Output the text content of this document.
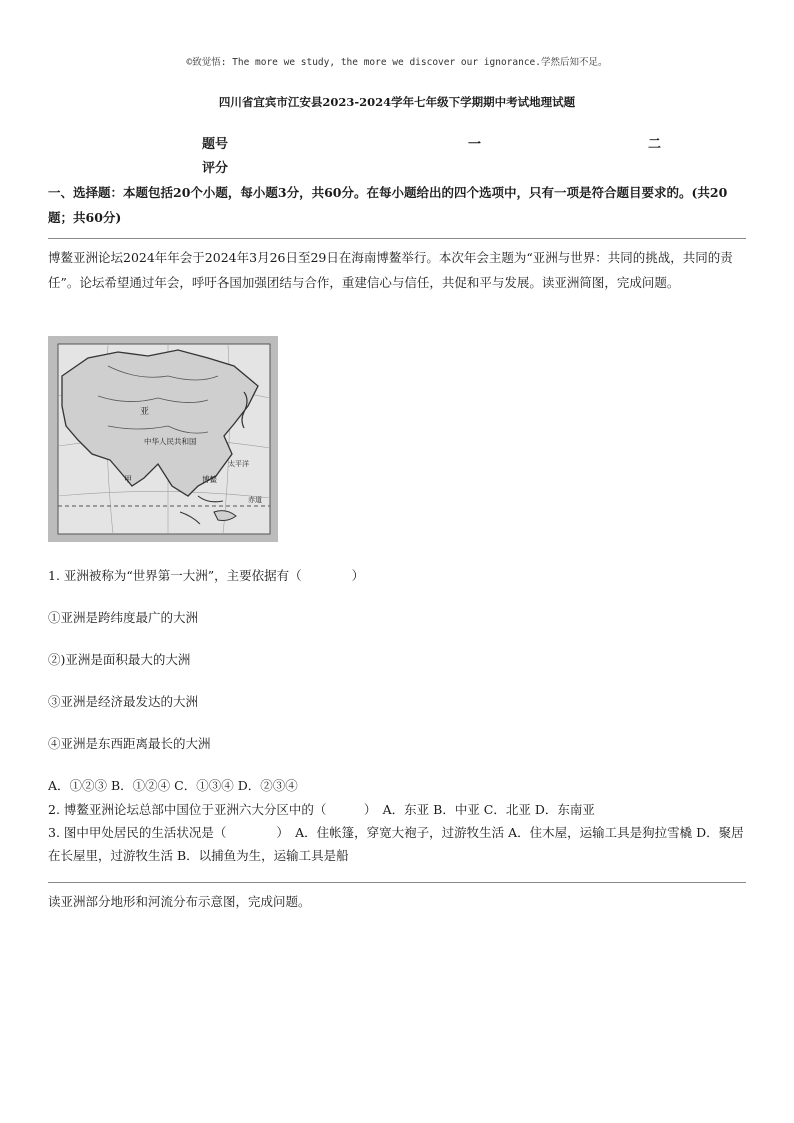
©致觉悟: The more we study, the more we discover our ignorance.学然后知不足。
四川省宜宾市江安县2023-2024学年七年级下学期期中考试地理试题
题号	一	二
评分
一、选择题：本题包括20个小题，每小题3分，共60分。在每小题给出的四个选项中，只有一项是符合题目要求的。(共20题；共60分)
博鳌亚洲论坛2024年年会于2024年3月26日至29日在海南博鳌举行。本次年会主题为“亚洲与世界：共同的挑战，共同的责任”。论坛希望通过年会，呼吁各国加强团结与合作，重建信心与信任，共促和平与发展。读亚洲简图，完成问题。
亚
中华人民共和国
甲	博鳌
赤道
太平洋
1. 亚洲被称为“世界第一大洲”，主要依据有（　　　　）
①亚洲是跨纬度最广的大洲
②)亚洲是面积最大的大洲
③亚洲是经济最发达的大洲
④亚洲是东西距离最长的大洲
A．①②③ B．①②④ C．①③④ D．②③④
2. 博鳌亚洲论坛总部中国位于亚洲六大分区中的（　　　）　A．东亚 B．中亚 C．北亚 D．东南亚
3. 图中甲处居民的生活状况是（　　　　）　A．住帐篷，穿宽大袍子，过游牧生活 A．住木屋，运输工具是狗拉雪橇 D．聚居在长屋里，过游牧生活 B．以捕鱼为生，运输工具是船
读亚洲部分地形和河流分布示意图，完成问题。
